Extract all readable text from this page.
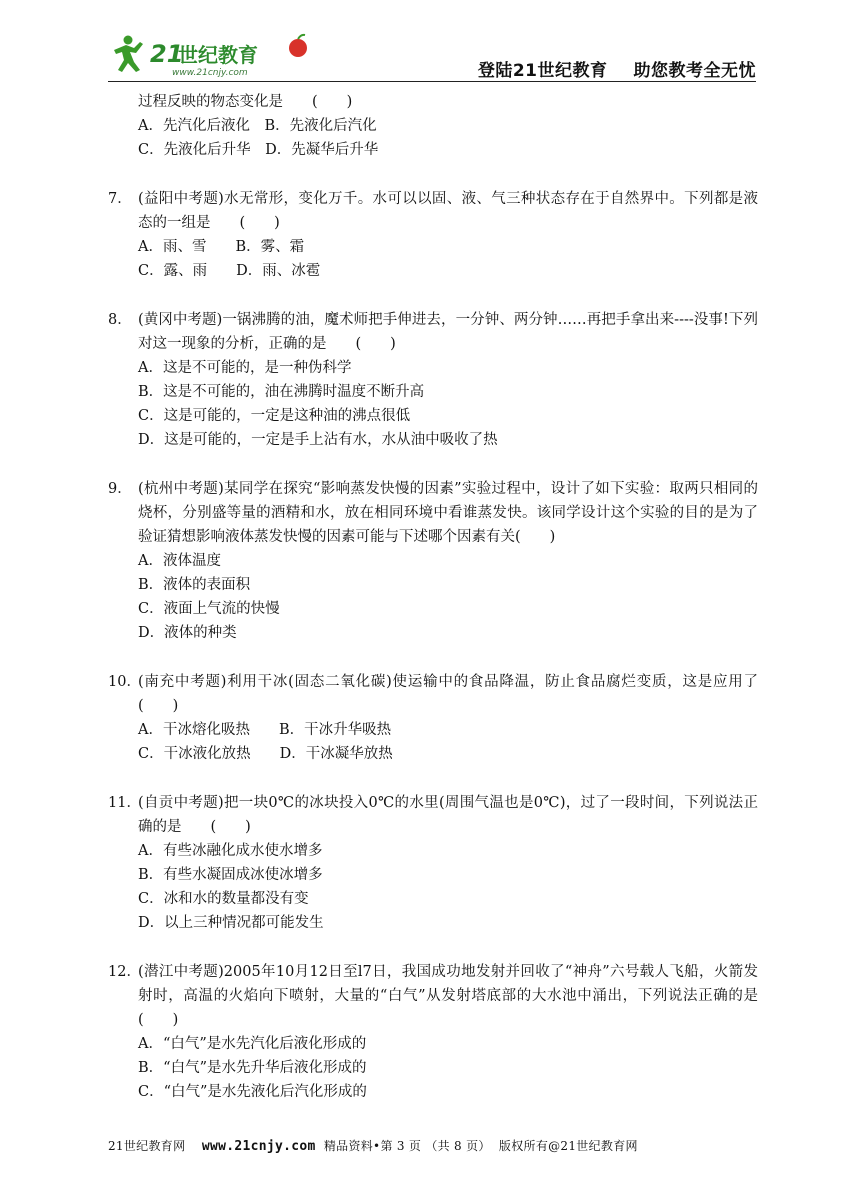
21
世纪教育
www.21cnjy.com	登陆21世纪教育 助您教考全无忧
过程反映的物态变化是　　(　　)
A．先汽化后液化　B．先液化后汽化
C．先液化后升华　D．先凝华后升华
7． (益阳中考题)水无常形，变化万千。水可以以固、液、气三种状态存在于自然界中。下列都是液态的一组是　　(　　)
A．雨、雪　　B．雾、霜
C．露、雨　　D．雨、冰雹
8． (黄冈中考题)一锅沸腾的油，魔术师把手伸进去，一分钟、两分钟……再把手拿出来----没事!下列对这一现象的分析，正确的是　　(　　)
A．这是不可能的，是一种伪科学
B．这是不可能的，油在沸腾时温度不断升高
C．这是可能的，一定是这种油的沸点很低
D．这是可能的，一定是手上沾有水，水从油中吸收了热
9． (杭州中考题)某同学在探究“影响蒸发快慢的因素”实验过程中，设计了如下实验：取两只相同的烧杯，分别盛等量的酒精和水，放在相同环境中看谁蒸发快。该同学设计这个实验的目的是为了验证猜想影响液体蒸发快慢的因素可能与下述哪个因素有关(　　)
A．液体温度
B．液体的表面积
C．液面上气流的快慢
D．液体的种类
10．(南充中考题)利用干冰(固态二氧化碳)使运输中的食品降温，防止食品腐烂变质，这是应用了　　(　　)
A．干冰熔化吸热　　B．干冰升华吸热
C．干冰液化放热　　D．干冰凝华放热
11．(自贡中考题)把一块0℃的冰块投入0℃的水里(周围气温也是0℃)，过了一段时间，下列说法正确的是　　(　　)
A．有些冰融化成水使水增多
B．有些水凝固成冰使冰增多
C．冰和水的数量都没有变
D．以上三种情况都可能发生
12．(潜江中考题)2005年10月12日至l7日，我国成功地发射并回收了“神舟”六号载人飞船，火箭发射时，高温的火焰向下喷射，大量的“白气”从发射塔底部的大水池中涌出，下列说法正确的是　　(　　)
A．“白气”是水先汽化后液化形成的
B．“白气”是水先升华后液化形成的
C．“白气”是水先液化后汽化形成的
21世纪教育网 www.21cnjy.com 精品资料•第 3 页 （共 8 页） 版权所有@21世纪教育网
